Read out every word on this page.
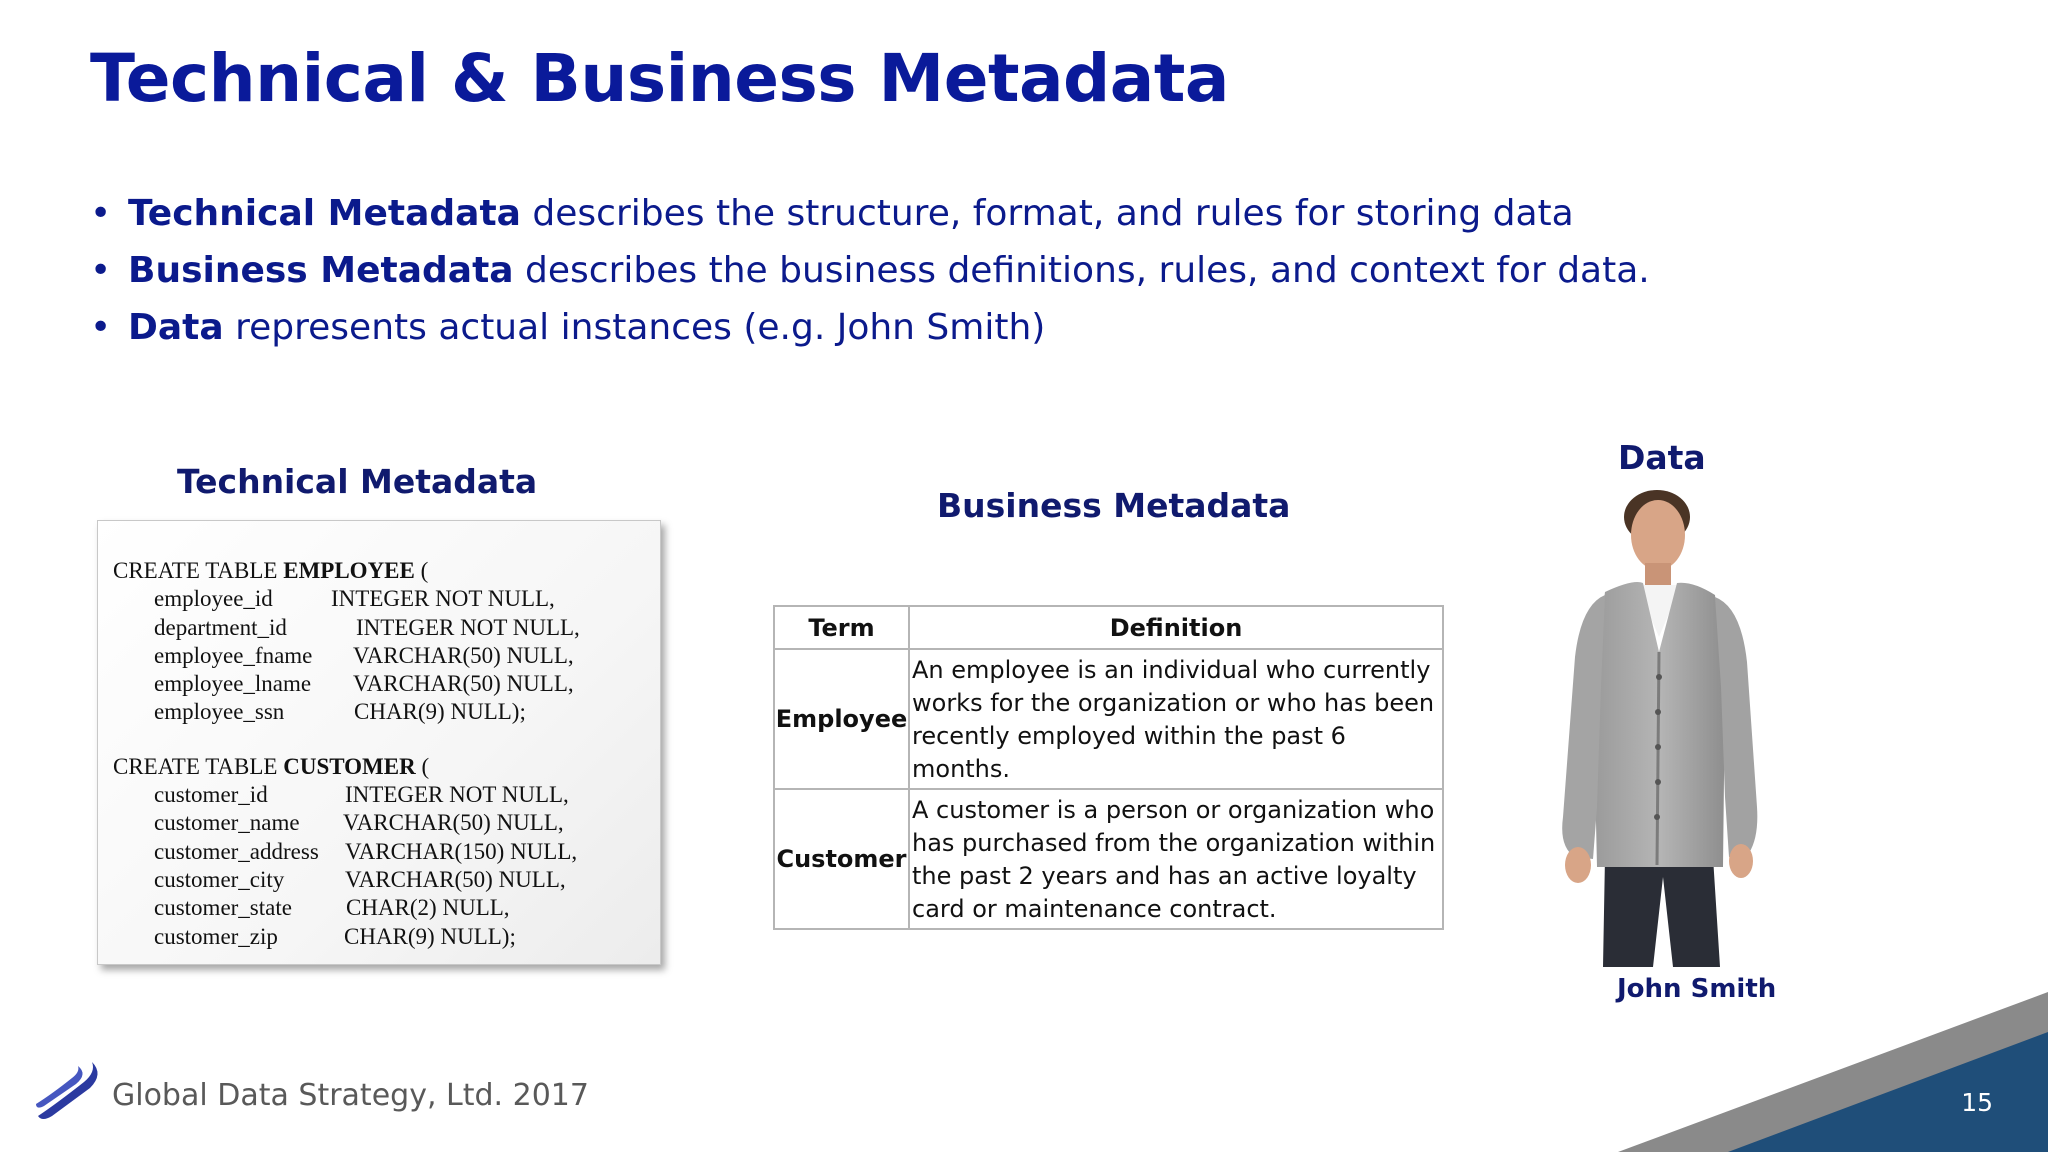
Technical & Business Metadata
• Technical Metadata describes the structure, format, and rules for storing data
• Business Metadata describes the business definitions, rules, and context for data.
• Data represents actual instances (e.g. John Smith)
Technical Metadata
CREATE TABLE EMPLOYEE (
employee_id	INTEGER NOT NULL,
department_id	INTEGER NOT NULL,
employee_fname VARCHAR(50) NULL,
employee_lname VARCHAR(50) NULL,
employee_ssn	CHAR(9) NULL);
CREATE TABLE CUSTOMER (
customer_id	INTEGER NOT NULL,
customer_name VARCHAR(50) NULL,
customer_address VARCHAR(150) NULL,
customer_city	VARCHAR(50) NULL,
customer_state CHAR(2) NULL,
customer_zip	CHAR(9) NULL);
Business Metadata
Term	Definition
Employee	An employee is an individual who currently works for the organization or who has been recently employed within the past 6 months.
Customer	A customer is a person or organization who has purchased from the organization within the past 2 years and has an active loyalty card or maintenance contract.
Data
John Smith
Global Data Strategy, Ltd. 2017	15
